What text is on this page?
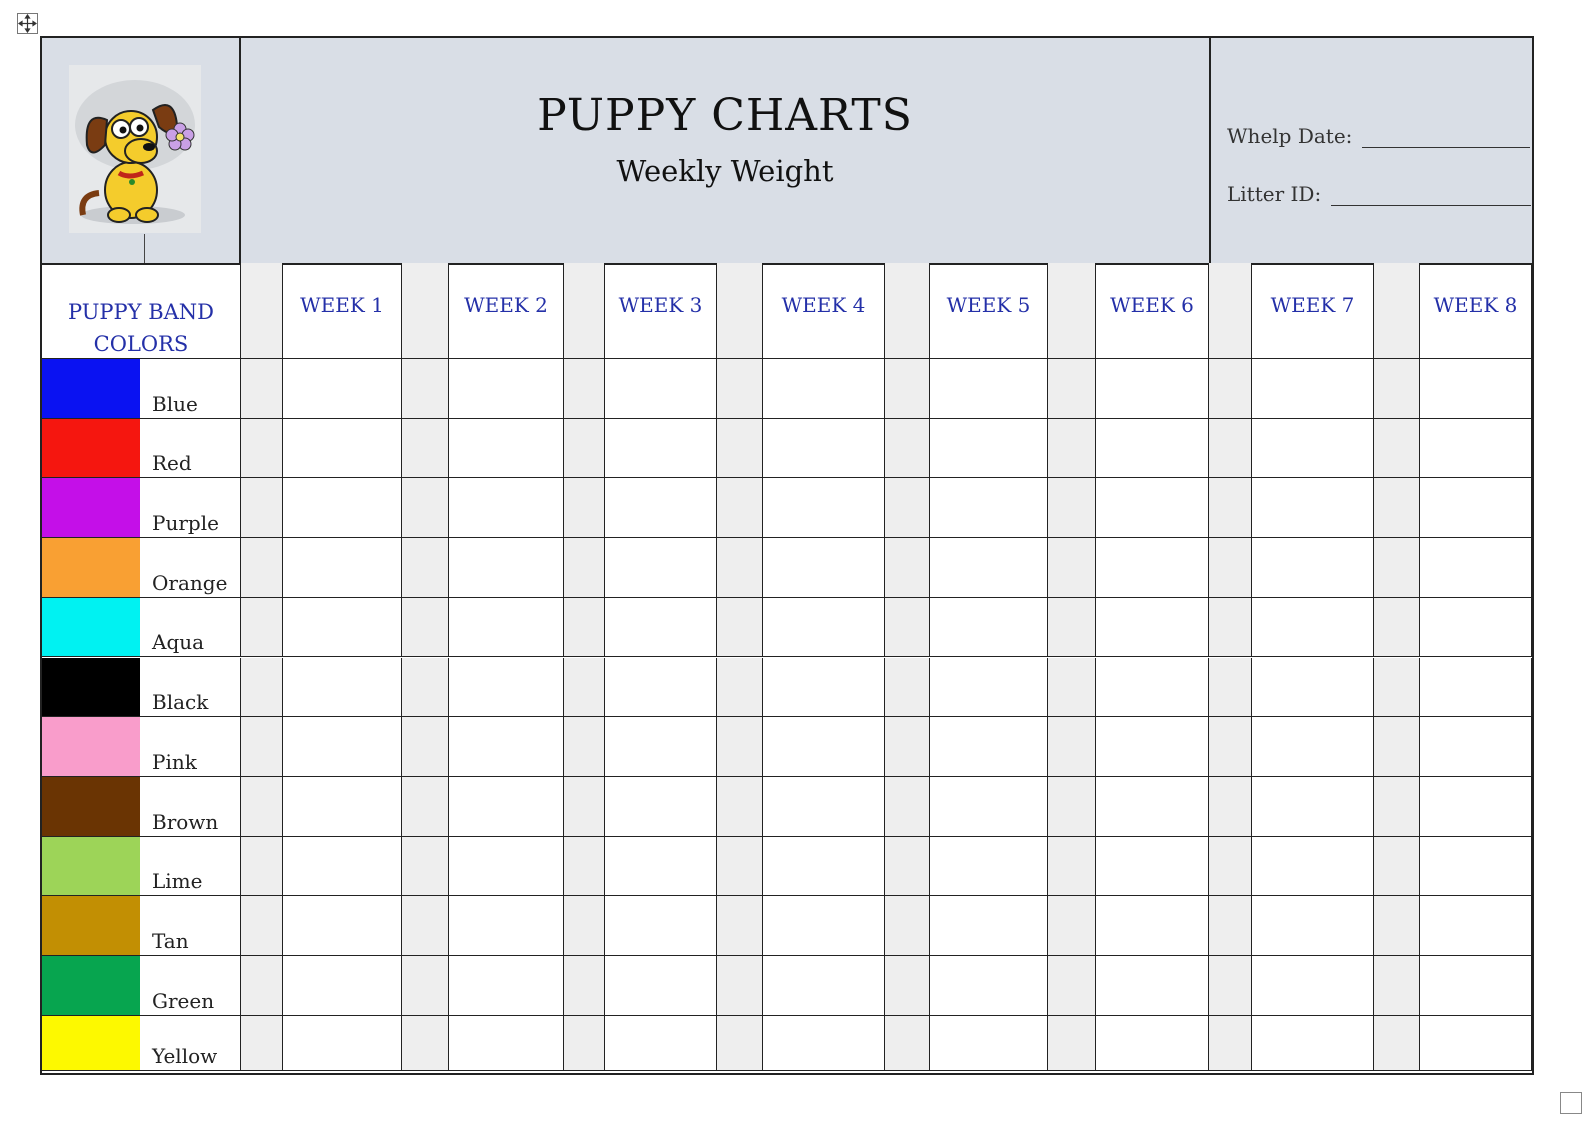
PUPPY CHARTS
Weekly Weight
Whelp Date:
Litter ID:
PUPPY BAND
COLORS
WEEK 1	WEEK 2	WEEK 3	WEEK 4	WEEK 5	WEEK 6	WEEK 7	WEEK 8
Blue
Red
Purple
Orange
Aqua
Black
Pink
Brown
Lime
Tan
Green
Yellow
